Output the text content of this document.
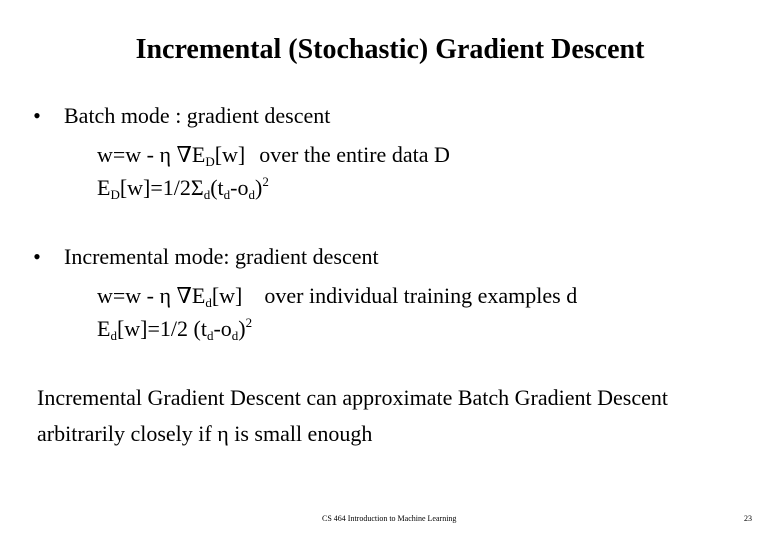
Incremental (Stochastic) Gradient Descent
• Batch mode : gradient descent
w=w - η $\nabla E_D[w]$ over the entire data D
$E_D[w]=1/2\Sigma_d(t_d-o_d)^2$
• Incremental mode: gradient descent
w=w - η $\nabla E_d[w]$ over individual training examples d
$E_d[w]=1/2$ $(t_d-o_d)^2$
Incremental Gradient Descent can approximate Batch Gradient Descent
arbitrarily closely if η is small enough
CS 464 Introduction to Machine Learning	23
